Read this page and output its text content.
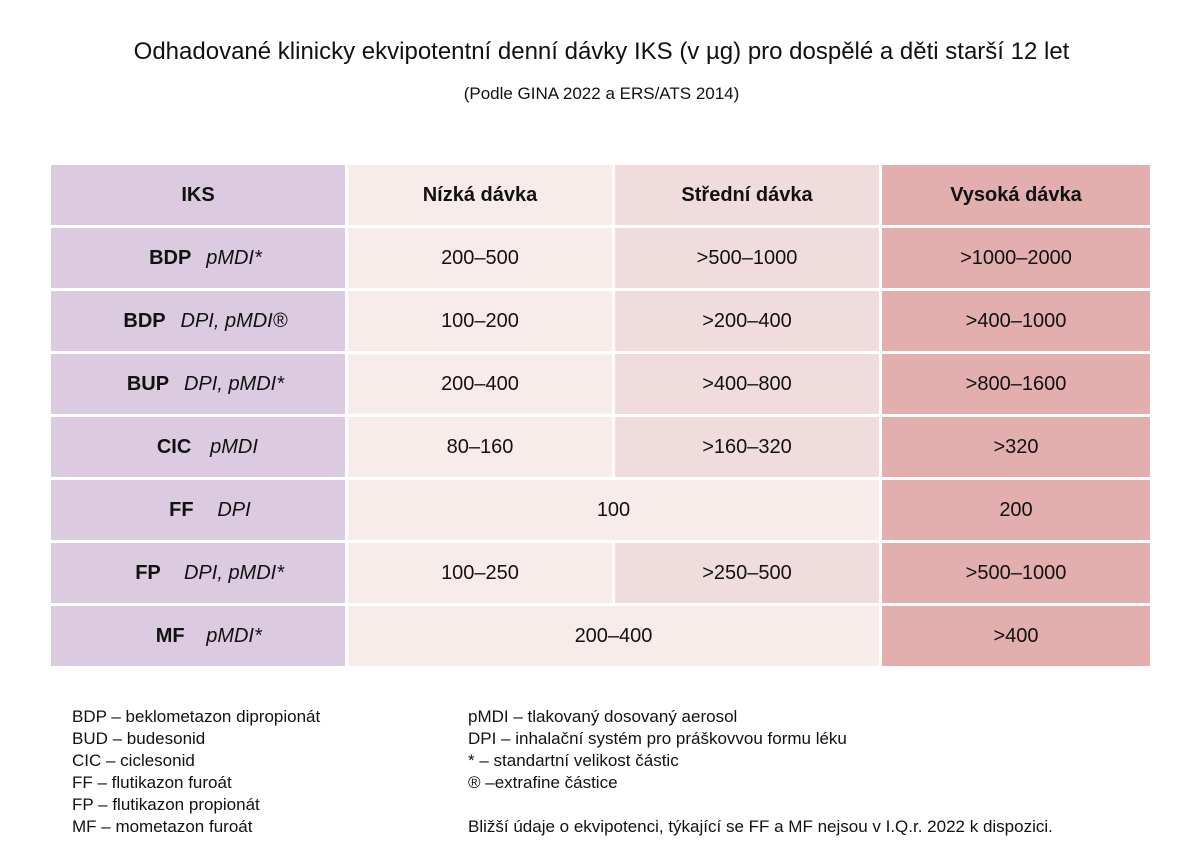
Odhadované klinicky ekvipotentní denní dávky IKS (v µg) pro dospělé a děti starší 12 let
(Podle GINA 2022 a ERS/ATS 2014)
IKS	Nízká dávka	Střední dávka	Vysoká dávka
BDP pMDI*	200–500	>500–1000	>1000–2000
BDP DPI, pMDI®	100–200	>200–400	>400–1000
BUP DPI, pMDI*	200–400	>400–800	>800–1600
CIC pMDI	80–160	>160–320	>320
FF DPI	100		200
FP DPI, pMDI*	100–250	>250–500	>500–1000
MF pMDI*	200–400		>400
BDP – beklometazon dipropionát
BUD – budesonid
CIC – ciclesonid
FF – flutikazon furoát
FP – flutikazon propionát
MF – mometazon furoát
pMDI – tlakovaný dosovaný aerosol
DPI – inhalační systém pro práškovvou formu léku
* – standartní velikost částic
® –extrafine částice
Bližší údaje o ekvipotenci, týkající se FF a MF nejsou v I.Q.r. 2022 k dispozici.
